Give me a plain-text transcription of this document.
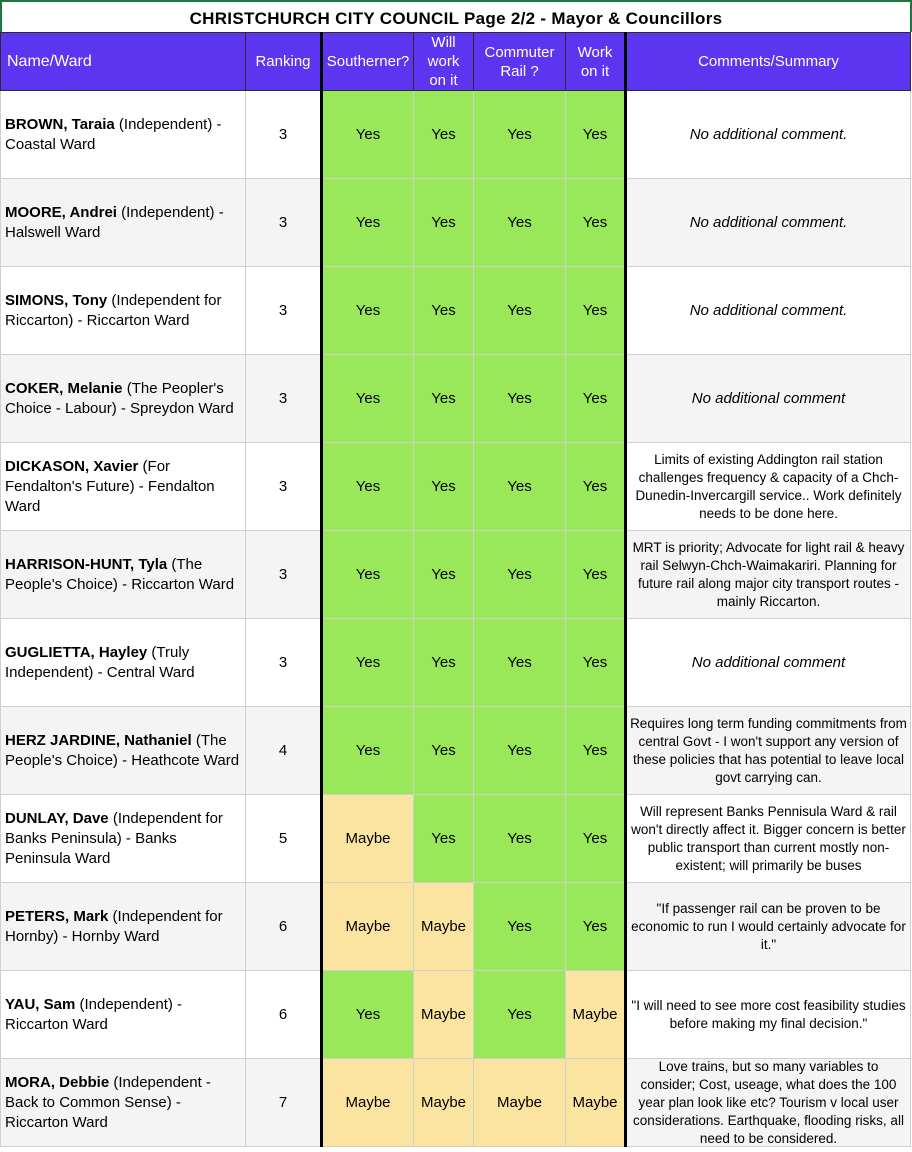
CHRISTCHURCH CITY COUNCIL Page 2/2 - Mayor & Councillors
Name/Ward	Ranking	Southerner?	Will work on it	Commuter Rail ?	Work on it	Comments/Summary
BROWN, Taraia (Independent) - Coastal Ward	3	Yes	Yes	Yes	Yes	No additional comment.

MOORE, Andrei (Independent) - Halswell Ward	3	Yes	Yes	Yes	Yes	No additional comment.

SIMONS, Tony (Independent for Riccarton) - Riccarton Ward	3	Yes	Yes	Yes	Yes	No additional comment.

COKER, Melanie (The Peopler's Choice - Labour) - Spreydon Ward	3	Yes	Yes	Yes	Yes	No additional comment

DICKASON, Xavier (For Fendalton's Future) - Fendalton Ward	3	Yes	Yes	Yes	Yes	Limits of existing Addington rail station challenges frequency & capacity of a Chch-Dunedin-Invercargill service.. Work definitely needs to be done here.

HARRISON-HUNT, Tyla (The People's Choice) - Riccarton Ward	3	Yes	Yes	Yes	Yes	MRT is priority; Advocate for light rail & heavy rail Selwyn-Chch-Waimakariri. Planning for future rail along major city transport routes - mainly Riccarton.

GUGLIETTA, Hayley (Truly Independent) - Central Ward	3	Yes	Yes	Yes	Yes	No additional comment

HERZ JARDINE, Nathaniel (The People's Choice) - Heathcote Ward	4	Yes	Yes	Yes	Yes	Requires long term funding commitments from central Govt - I won't support any version of these policies that has potential to leave local govt carrying can.

DUNLAY, Dave (Independent for Banks Peninsula) - Banks Peninsula Ward	5	Maybe	Yes	Yes	Yes	Will represent Banks Pennisula Ward & rail won't directly affect it. Bigger concern is better public transport than current mostly non-existent; will primarily be buses

PETERS, Mark (Independent for Hornby) - Hornby Ward	6	Maybe	Maybe	Yes	Yes	"If passenger rail can be proven to be economic to run I would certainly advocate for it."

YAU, Sam (Independent) - Riccarton Ward	6	Yes	Maybe	Yes	Maybe	"I will need to see more cost feasibility studies before making my final decision."

MORA, Debbie (Independent - Back to Common Sense) - Riccarton Ward	7	Maybe	Maybe	Maybe	Maybe	Love trains, but so many variables to consider; Cost, useage, what does the 100 year plan look like etc? Tourism v local user considerations. Earthquake, flooding risks, all need to be considered.
